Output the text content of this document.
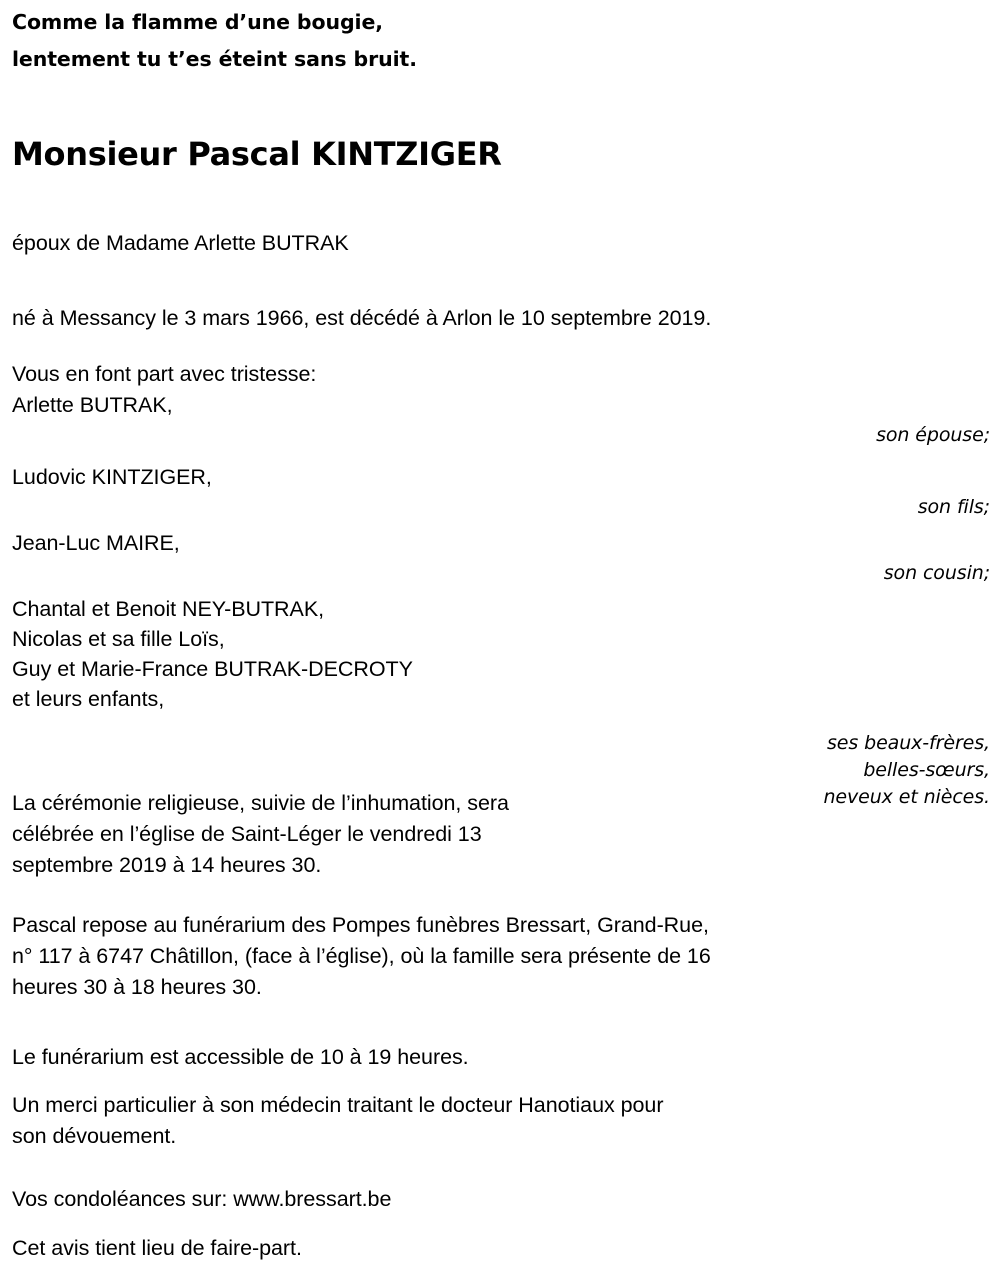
Comme la flamme d’une bougie,
lentement tu t’es éteint sans bruit.
Monsieur Pascal KINTZIGER
époux de Madame Arlette BUTRAK
né à Messancy le 3 mars 1966, est décédé à Arlon le 10 septembre 2019.
Vous en font part avec tristesse:
Arlette BUTRAK,
son épouse;
Ludovic KINTZIGER,
son fils;
Jean-Luc MAIRE,
son cousin;
Chantal et Benoit NEY-BUTRAK,
Nicolas et sa fille Loïs,
Guy et Marie-France BUTRAK-DECROTY
et leurs enfants,
ses beaux-frères,
belles-sœurs,
neveux et nièces.
La cérémonie religieuse, suivie de l’inhumation, sera
célébrée en l’église de Saint-Léger le vendredi 13
septembre 2019 à 14 heures 30.
Pascal repose au funérarium des Pompes funèbres Bressart, Grand-Rue,
n° 117 à 6747 Châtillon, (face à l’église), où la famille sera présente de 16
heures 30 à 18 heures 30.
Le funérarium est accessible de 10 à 19 heures.
Un merci particulier à son médecin traitant le docteur Hanotiaux pour
son dévouement.
Vos condoléances sur: www.bressart.be
Cet avis tient lieu de faire-part.
